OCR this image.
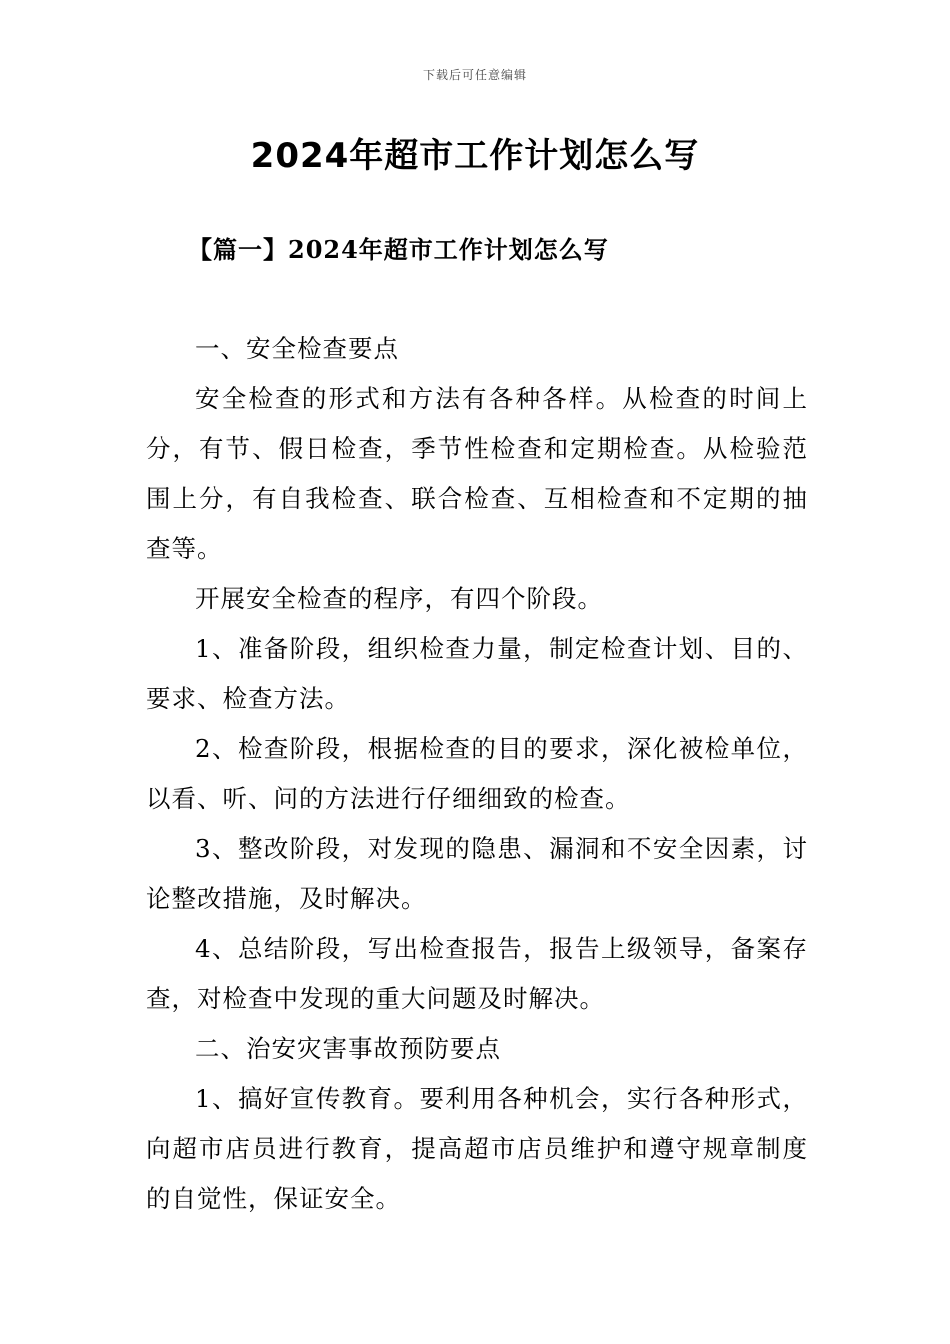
下载后可任意编辑
2024年超市工作计划怎么写
【篇一】2024年超市工作计划怎么写

一、安全检查要点

安全检查的形式和方法有各种各样。从检查的时间上分，有节、假日检查，季节性检查和定期检查。从检验范围上分，有自我检查、联合检查、互相检查和不定期的抽查等。

开展安全检查的程序，有四个阶段。

1、准备阶段，组织检查力量，制定检查计划、目的、要求、检查方法。

2、检查阶段，根据检查的目的要求，深化被检单位，以看、听、问的方法进行仔细细致的检查。

3、整改阶段，对发现的隐患、漏洞和不安全因素，讨论整改措施，及时解决。

4、总结阶段，写出检查报告，报告上级领导，备案存查，对检查中发现的重大问题及时解决。

二、治安灾害事故预防要点

1、搞好宣传教育。要利用各种机会，实行各种形式，向超市店员进行教育，提高超市店员维护和遵守规章制度的自觉性，保证安全。
